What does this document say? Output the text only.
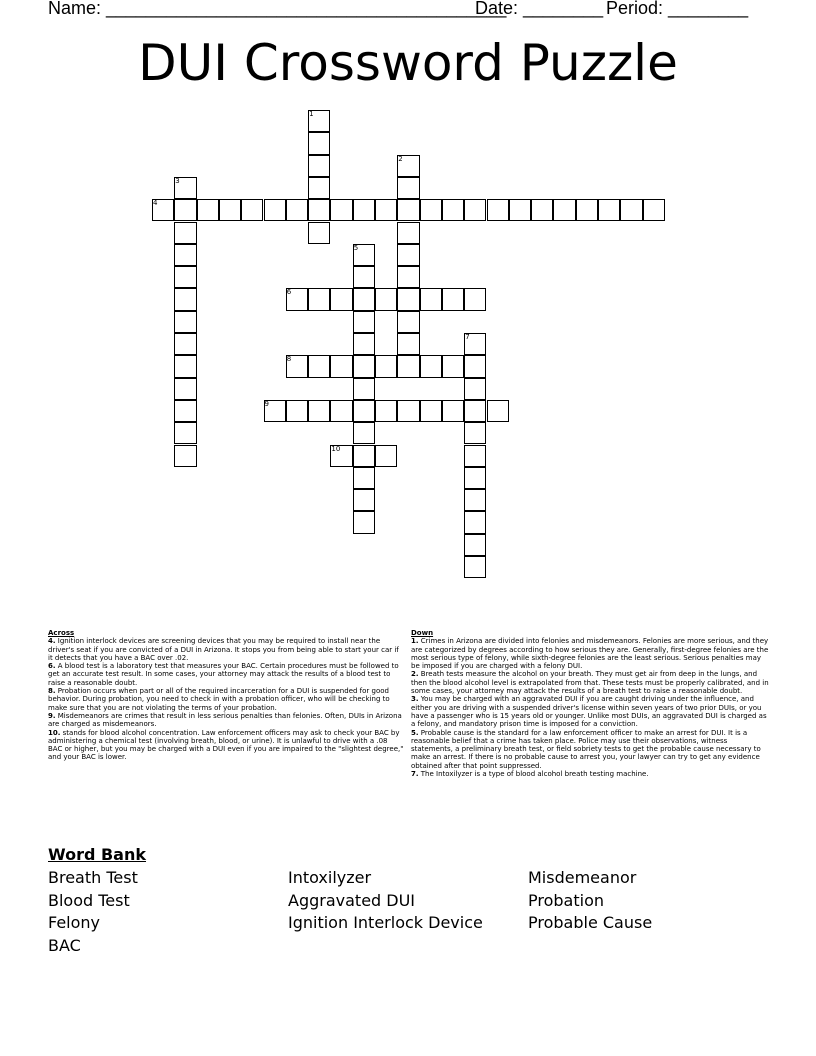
Name: ________________________________________
Date: ________ Period: ________
DUI Crossword Puzzle
1
2
3
4
5
6
7
8
9
10
Across
4. Ignition interlock devices are screening devices that you may be required to install near the driver's seat if you are convicted of a DUI in Arizona. It stops you from being able to start your car if it detects that you have a BAC over .02.
6. A blood test is a laboratory test that measures your BAC. Certain procedures must be followed to get an accurate test result. In some cases, your attorney may attack the results of a blood test to raise a reasonable doubt.
8. Probation occurs when part or all of the required incarceration for a DUI is suspended for good behavior. During probation, you need to check in with a probation officer, who will be checking to make sure that you are not violating the terms of your probation.
9. Misdemeanors are crimes that result in less serious penalties than felonies. Often, DUIs in Arizona are charged as misdemeanors.
10. stands for blood alcohol concentration. Law enforcement officers may ask to check your BAC by administering a chemical test (involving breath, blood, or urine). It is unlawful to drive with a .08 BAC or higher, but you may be charged with a DUI even if you are impaired to the "slightest degree," and your BAC is lower.
Down
1. Crimes in Arizona are divided into felonies and misdemeanors. Felonies are more serious, and they are categorized by degrees according to how serious they are. Generally, first-degree felonies are the most serious type of felony, while sixth-degree felonies are the least serious. Serious penalties may be imposed if you are charged with a felony DUI.
2. Breath tests measure the alcohol on your breath. They must get air from deep in the lungs, and then the blood alcohol level is extrapolated from that. These tests must be properly calibrated, and in some cases, your attorney may attack the results of a breath test to raise a reasonable doubt.
3. You may be charged with an aggravated DUI if you are caught driving under the influence, and either you are driving with a suspended driver's license within seven years of two prior DUIs, or you have a passenger who is 15 years old or younger. Unlike most DUIs, an aggravated DUI is charged as a felony, and mandatory prison time is imposed for a conviction.
5. Probable cause is the standard for a law enforcement officer to make an arrest for DUI. It is a reasonable belief that a crime has taken place. Police may use their observations, witness statements, a preliminary breath test, or field sobriety tests to get the probable cause necessary to make an arrest. If there is no probable cause to arrest you, your lawyer can try to get any evidence obtained after that point suppressed.
7. The Intoxilyzer is a type of blood alcohol breath testing machine.
Word Bank
Breath Test
Blood Test
Felony
BAC
Intoxilyzer
Aggravated DUI
Ignition Interlock Device
Misdemeanor
Probation
Probable Cause
